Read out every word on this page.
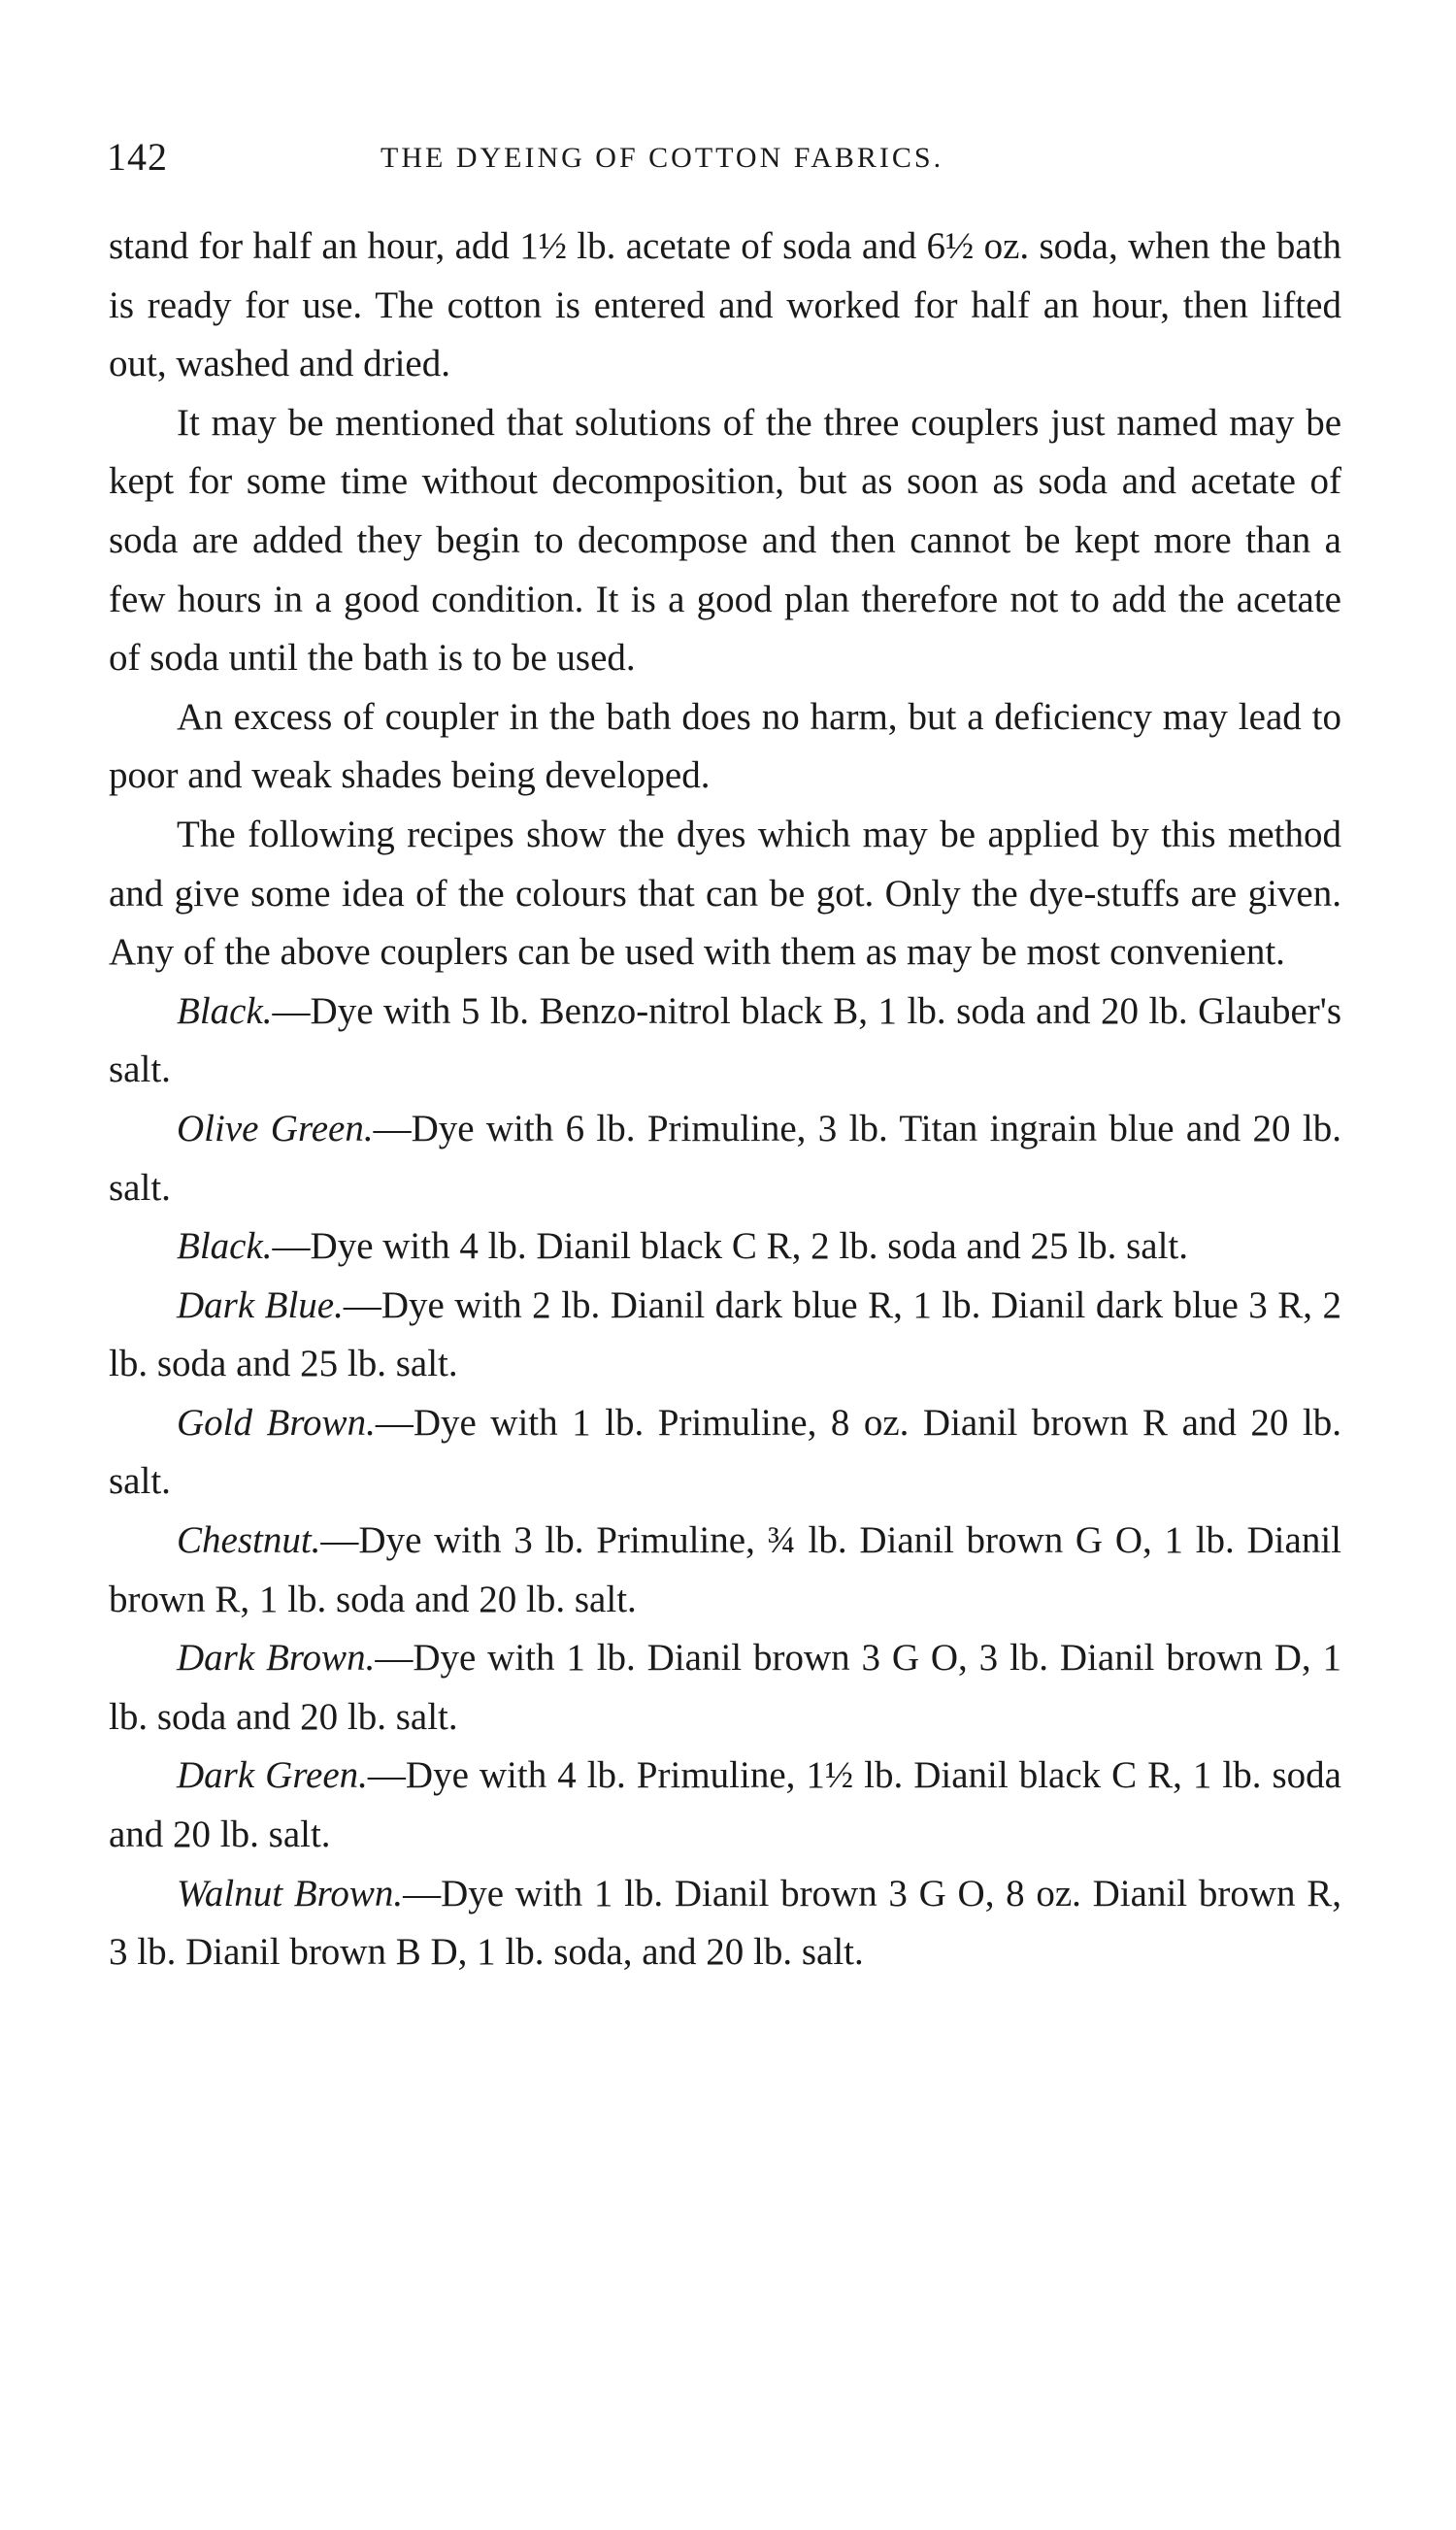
142	THE DYEING OF COTTON FABRICS.

stand for half an hour, add 1½ lb. acetate of soda and 6½ oz. soda, when the bath is ready for use. The cotton is entered and worked for half an hour, then lifted out, washed and dried.

It may be mentioned that solutions of the three couplers just named may be kept for some time without decomposition, but as soon as soda and acetate of soda are added they begin to decompose and then cannot be kept more than a few hours in a good condition. It is a good plan therefore not to add the acetate of soda until the bath is to be used.

An excess of coupler in the bath does no harm, but a deficiency may lead to poor and weak shades being developed.

The following recipes show the dyes which may be applied by this method and give some idea of the colours that can be got. Only the dye-stuffs are given. Any of the above couplers can be used with them as may be most convenient.

Black.—Dye with 5 lb. Benzo-nitrol black B, 1 lb. soda and 20 lb. Glauber's salt.

Olive Green.—Dye with 6 lb. Primuline, 3 lb. Titan ingrain blue and 20 lb. salt.

Black.—Dye with 4 lb. Dianil black C R, 2 lb. soda and 25 lb. salt.

Dark Blue.—Dye with 2 lb. Dianil dark blue R, 1 lb. Dianil dark blue 3 R, 2 lb. soda and 25 lb. salt.

Gold Brown.—Dye with 1 lb. Primuline, 8 oz. Dianil brown R and 20 lb. salt.

Chestnut.—Dye with 3 lb. Primuline, ¾ lb. Dianil brown G O, 1 lb. Dianil brown R, 1 lb. soda and 20 lb. salt.

Dark Brown.—Dye with 1 lb. Dianil brown 3 G O, 3 lb. Dianil brown D, 1 lb. soda and 20 lb. salt.

Dark Green.—Dye with 4 lb. Primuline, 1½ lb. Dianil black C R, 1 lb. soda and 20 lb. salt.

Walnut Brown.—Dye with 1 lb. Dianil brown 3 G O, 8 oz. Dianil brown R, 3 lb. Dianil brown B D, 1 lb. soda, and 20 lb. salt.
